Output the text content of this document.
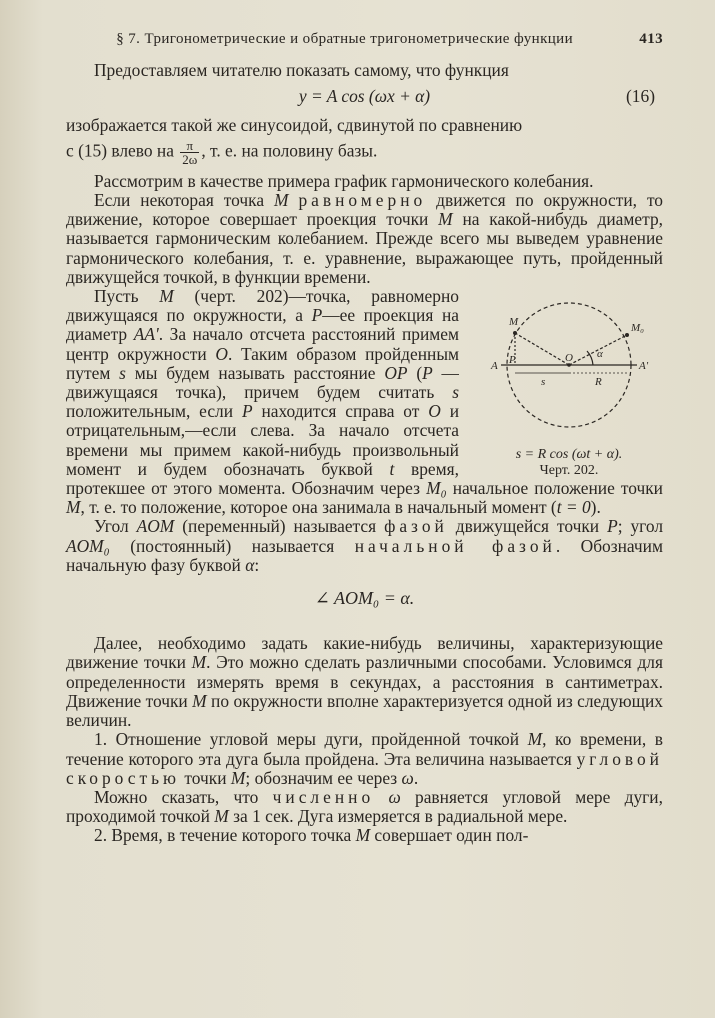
§ 7. Тригонометрические и обратные тригонометрические функции	413

Предоставляем читателю показать самому, что функция

y = A cos (ωx + α)	(16)

изображается такой же синусоидой, сдвинутой по сравнению

с (15) влево на $\frac{\pi}{2\omega}$ , т. е. на половину базы.

Рассмотрим в качестве примера график гармонического колебания.

Если некоторая точка M равномерно движется по окружности, то движение, которое совершает проекция точки M на какой-нибудь диаметр, называется гармоническим колебанием. Прежде всего мы выведем уравнение гармонического колебания, т. е. уравнение, выражающее путь, пройденный движущейся точкой, в функции времени.

M	M₀
A	A'
P	O
s	R
α
s = R cos (ωt + α).
Черт. 202.

Пусть M (черт. 202)—точка, равномерно движущаяся по окружности, а P—ее проекция на диаметр AA'. За начало отсчета расстояний примем центр окружности O. Таким образом пройденным путем s мы будем называть расстояние OP (P — движущаяся точка), причем будем считать s положительным, если P находится справа от O и отрицательным,—если слева. За начало отсчета времени мы примем какой-нибудь произвольный момент и будем обозначать буквой t время, протекшее от этого момента. Обозначим через M₀ начальное положение точки M, т. е. то положение, которое она занимала в начальный момент (t = 0).

Угол AOM (переменный) называется фазой движущейся точки P; угол AOM₀ (постоянный) называется начальной фазой. Обозначим начальную фазу буквой α:

∠ AOM₀ = α.

Далее, необходимо задать какие-нибудь величины, характеризующие движение точки M. Это можно сделать различными способами. Условимся для определенности измерять время в секундах, а расстояния в сантиметрах. Движение точки M по окружности вполне характеризуется одной из следующих величин.

1. Отношение угловой меры дуги, пройденной точкой M, ко времени, в течение которого эта дуга была пройдена. Эта величина называется угловой скоростью точки M; обозначим ее через ω.

Можно сказать, что численно ω равняется угловой мере дуги, проходимой точкой M за 1 сек. Дуга измеряется в радиальной мере.

2. Время, в течение которого точка M совершает один пол-
